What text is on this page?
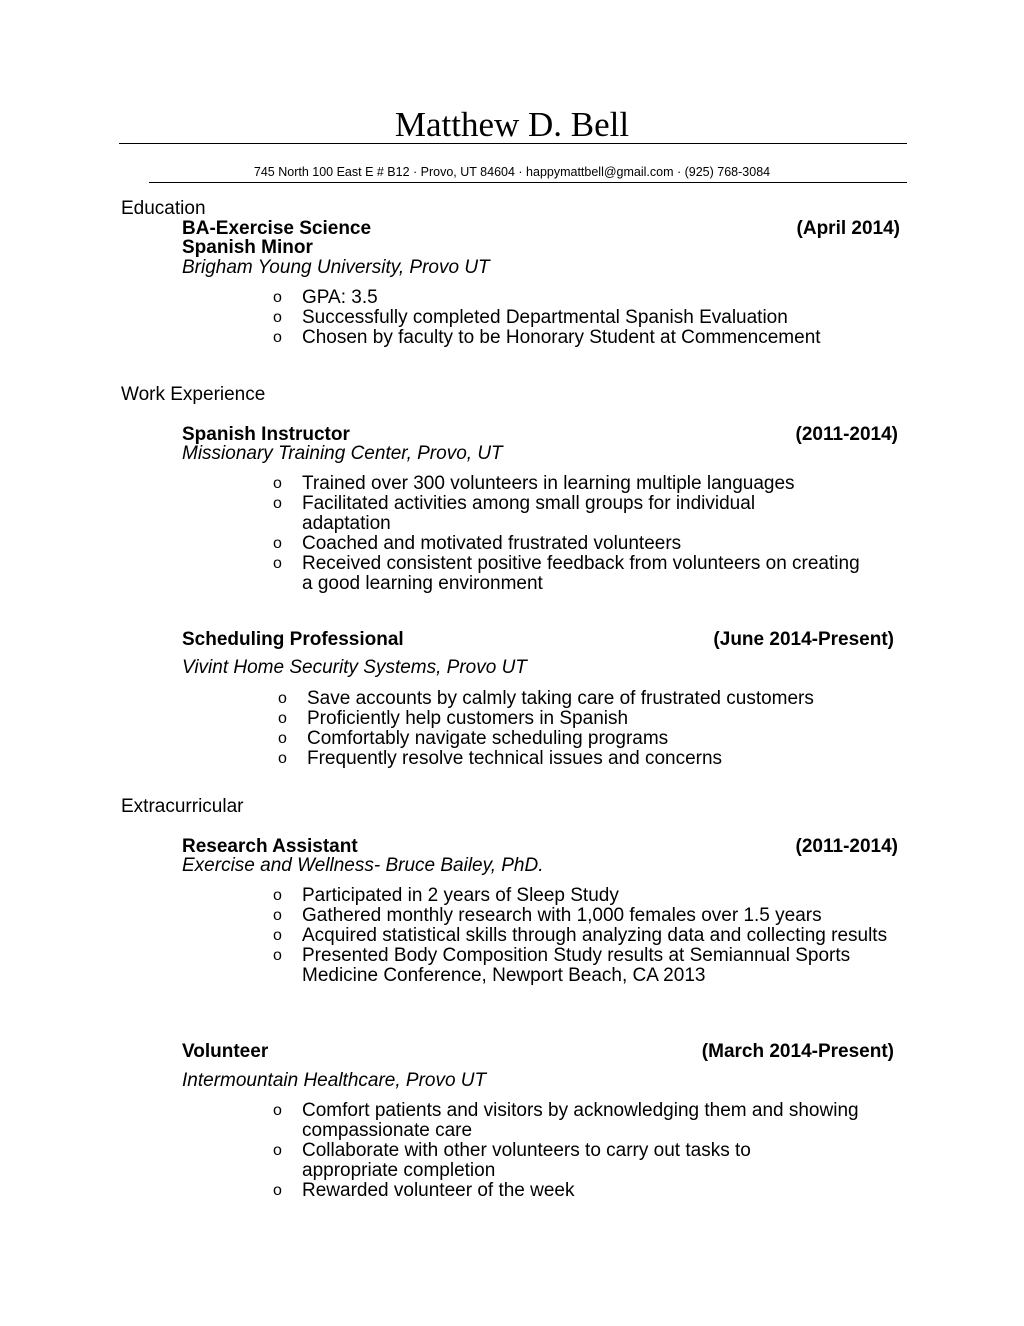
Matthew D. Bell
745 North 100 East E # B12 · Provo, UT 84604 · happymattbell@gmail.com · (925) 768-3084
Education
BA-Exercise Science	(April 2014)
Spanish Minor
Brigham Young University, Provo UT
o GPA: 3.5
o Successfully completed Departmental Spanish Evaluation
o Chosen by faculty to be Honorary Student at Commencement
Work Experience
Spanish Instructor	(2011-2014)
Missionary Training Center, Provo, UT
o Trained over 300 volunteers in learning multiple languages
o Facilitated activities among small groups for individual adaptation
o Coached and motivated frustrated volunteers
o Received consistent positive feedback from volunteers on creating a good learning environment
Scheduling Professional	(June 2014-Present)
Vivint Home Security Systems, Provo UT
o Save accounts by calmly taking care of frustrated customers
o Proficiently help customers in Spanish
o Comfortably navigate scheduling programs
o Frequently resolve technical issues and concerns
Extracurricular
Research Assistant	(2011-2014)
Exercise and Wellness- Bruce Bailey, PhD.
o Participated in 2 years of Sleep Study
o Gathered monthly research with 1,000 females over 1.5 years
o Acquired statistical skills through analyzing data and collecting results
o Presented Body Composition Study results at Semiannual Sports Medicine Conference, Newport Beach, CA 2013
Volunteer	(March 2014-Present)
Intermountain Healthcare, Provo UT
o Comfort patients and visitors by acknowledging them and showing compassionate care
o Collaborate with other volunteers to carry out tasks to appropriate completion
o Rewarded volunteer of the week
